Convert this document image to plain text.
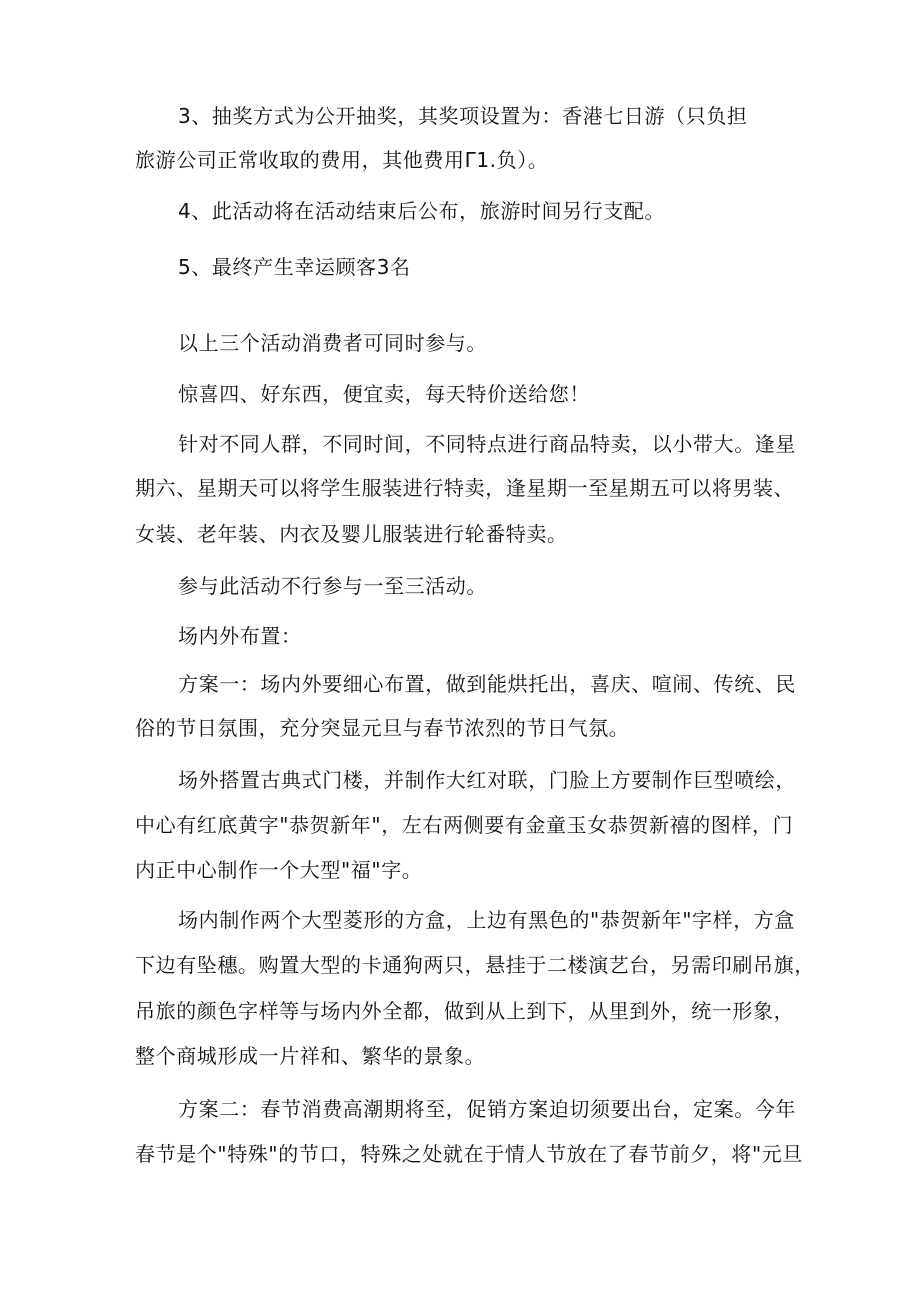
3、抽奖方式为公开抽奖，其奖项设置为：香港七日游（只负担

旅游公司正常收取的费用，其他费用Γ1.负）。

4、此活动将在活动结束后公布，旅游时间另行支配。

5、最终产生幸运顾客3名

以上三个活动消费者可同时参与。

惊喜四、好东西，便宜卖，每天特价送给您！

针对不同人群，不同时间，不同特点进行商品特卖，以小带大。逢星

期六、星期天可以将学生服装进行特卖，逢星期一至星期五可以将男装、

女装、老年装、内衣及婴儿服装进行轮番特卖。

参与此活动不行参与一至三活动。

场内外布置：

方案一：场内外要细心布置，做到能烘托出，喜庆、喧闹、传统、民

俗的节日氛围，充分突显元旦与春节浓烈的节日气氛。

场外搭置古典式门楼，并制作大红对联，门脸上方要制作巨型喷绘，

中心有红底黄字"恭贺新年"，左右两侧要有金童玉女恭贺新禧的图样，门

内正中心制作一个大型"福"字。

场内制作两个大型菱形的方盒，上边有黑色的"恭贺新年"字样，方盒

下边有坠穗。购置大型的卡通狗两只，悬挂于二楼演艺台，另需印刷吊旗，

吊旅的颜色字样等与场内外全都，做到从上到下，从里到外，统一形象，

整个商城形成一片祥和、繁华的景象。

方案二：春节消费高潮期将至，促销方案迫切须要出台，定案。今年

春节是个"特殊"的节口，特殊之处就在于情人节放在了春节前夕，将"元旦
